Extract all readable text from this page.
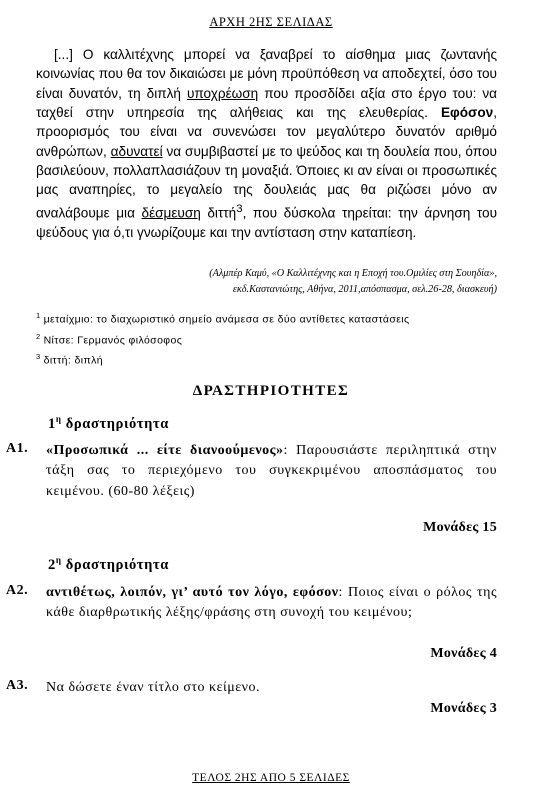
ΑΡΧΗ 2ΗΣ ΣΕΛΙΔΑΣ
[...] Ο καλλιτέχνης μπορεί να ξαναβρεί το αίσθημα μιας ζωντανής κοινωνίας που θα τον δικαιώσει με μόνη προϋπόθεση να αποδεχτεί, όσο του είναι δυνατόν, τη διπλή υποχρέωση που προσδίδει αξία στο έργο του: να ταχθεί στην υπηρεσία της αλήθειας και της ελευθερίας. Εφόσον, προορισμός του είναι να συνενώσει τον μεγαλύτερο δυνατόν αριθμό ανθρώπων, αδυνατεί να συμβιβαστεί με το ψεύδος και τη δουλεία που, όπου βασιλεύουν, πολλαπλασιάζουν τη μοναξιά. Όποιες κι αν είναι οι προσωπικές μας αναπηρίες, το μεγαλείο της δουλειάς μας θα ριζώσει μόνο αν αναλάβουμε μια δέσμευση διττή$^3$, που δύσκολα τηρείται: την άρνηση του ψεύδους για ό,τι γνωρίζουμε και την αντίσταση στην καταπίεση.
(Αλμπέρ Καμύ, «Ο Καλλιτέχνης και η Εποχή του.Ομιλίες στη Σουηδία»,
εκδ.Καστανιώτης, Αθήνα, 2011,απόσπασμα, σελ.26-28, διασκευή)
$^1$ μεταίχμιο: το διαχωριστικό σημείο ανάμεσα σε δύο αντίθετες καταστάσεις
$^2$ Νίτσε: Γερμανός φιλόσοφος
$^3$ διττή: διπλή
ΔΡΑΣΤΗΡΙΟΤΗΤΕΣ
$1^\eta$ δραστηριότητα
Α1. «Προσωπικά ... είτε διανοούμενος»: Παρουσιάστε περιληπτικά στην τάξη σας το περιεχόμενο του συγκεκριμένου αποσπάσματος του κειμένου. (60-80 λέξεις)
Μονάδες 15
$2^\eta$ δραστηριότητα
Α2. αντιθέτως, λοιπόν, γι’ αυτό τον λόγο, εφόσον: Ποιος είναι ο ρόλος της κάθε διαρθρωτικής λέξης/φράσης στη συνοχή του κειμένου;
Μονάδες 4
Α3. Να δώσετε έναν τίτλο στο κείμενο.
Μονάδες 3
ΤΕΛΟΣ 2ΗΣ ΑΠΟ 5 ΣΕΛΙΔΕΣ
